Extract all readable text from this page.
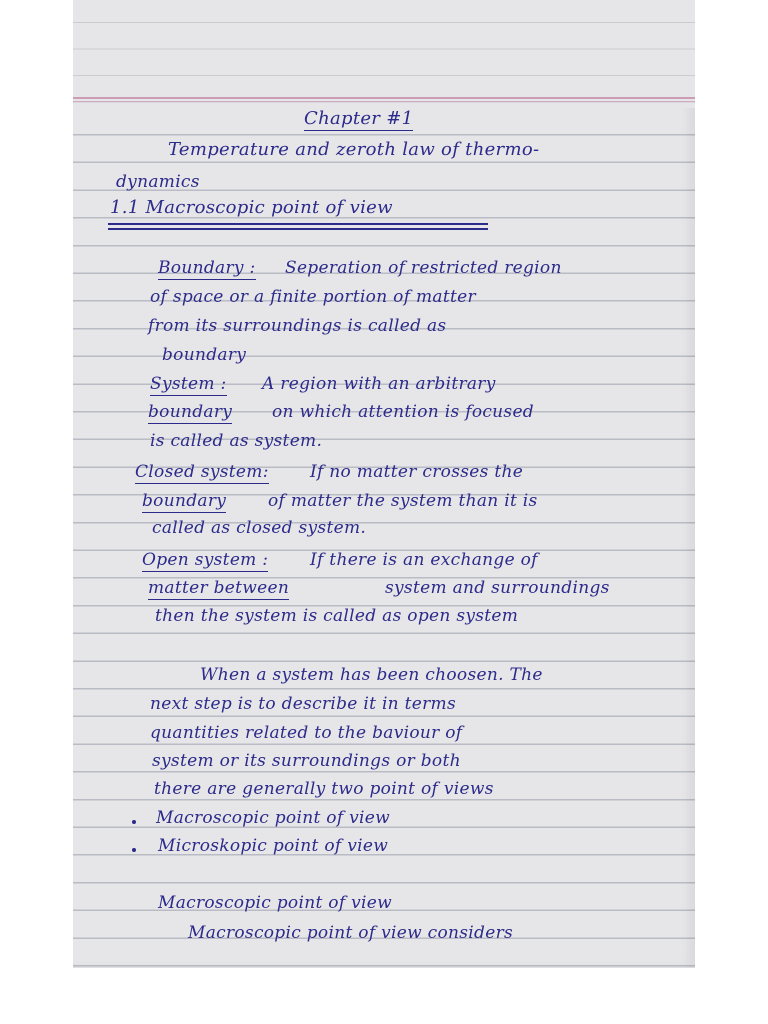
Chapter #1
Temperature and zeroth law of thermo-
dynamics
1.1 Macroscopic point of view
Boundary : Seperation of restricted region
of space or a finite portion of matter
from its surroundings is called as
boundary
System : A region with an arbitrary
boundary on which attention is focused
is called as system.
Closed system: If no matter crosses the
boundary of matter the system than it is
called as closed system.
Open system : If there is an exchange of
matter between	system and surroundings
then the system is called as open system
When a system has been choosen. The
next step is to describe it in terms
quantities related to the baviour of
system or its surroundings or both
there are generally two point of views
Macroscopic point of view
Microskopic point of view
Macroscopic point of view
Macroscopic point of view considers
